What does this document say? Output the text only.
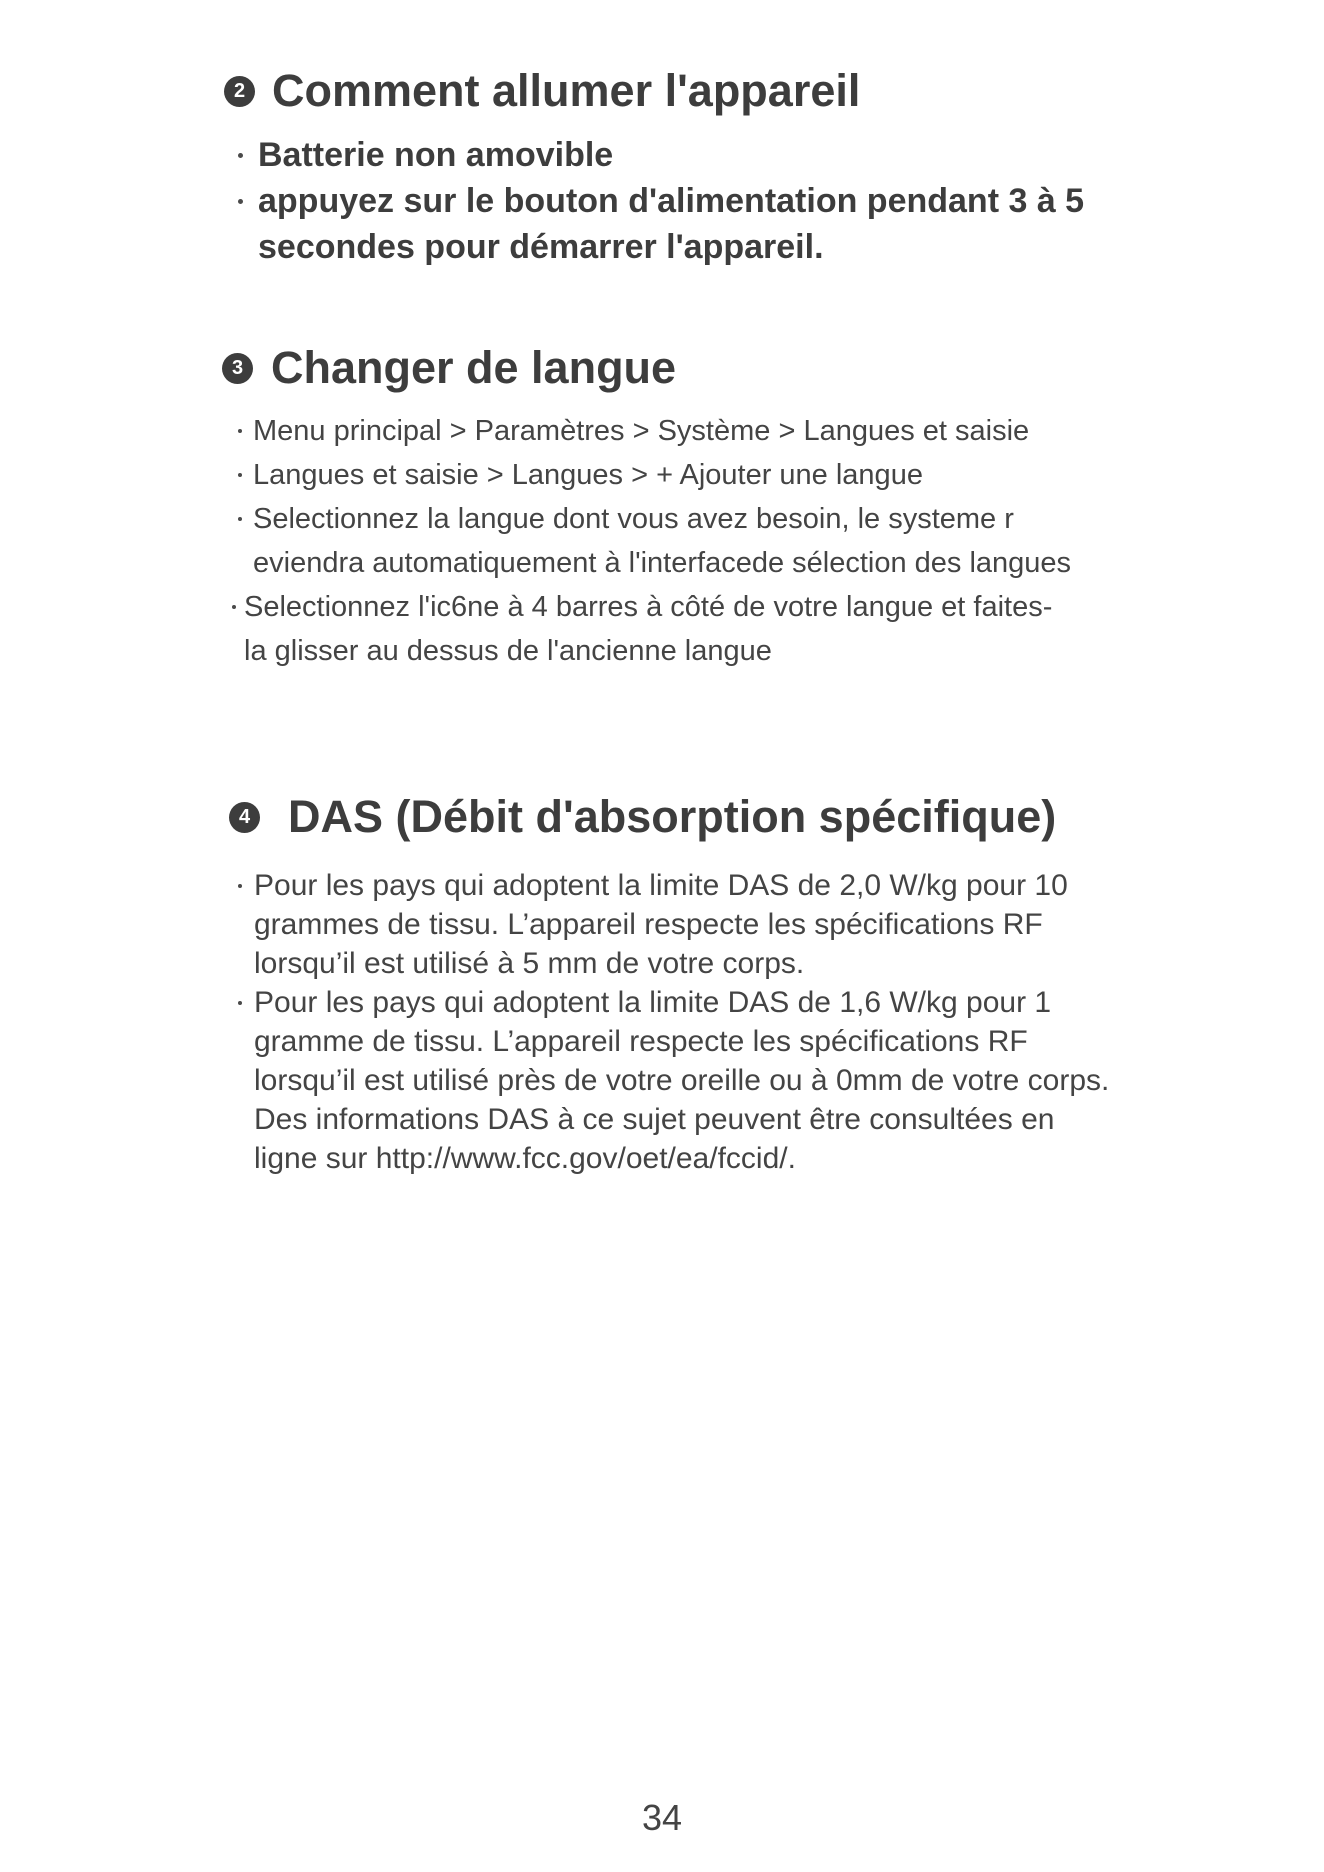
2 Comment allumer l'appareil
Batterie non amovible
appuyez sur le bouton d'alimentation pendant 3 à 5 secondes pour démarrer l'appareil.
3 Changer de langue
Menu principal > Paramètres > Système > Langues et saisie
Langues et saisie > Langues > + Ajouter une langue
Selectionnez la langue dont vous avez besoin, le systeme r eviendra automatiquement à l'interfacede sélection des langues
Selectionnez l'ic6ne à 4 barres à côté de votre langue et faites-la glisser au dessus de l'ancienne langue
4 DAS (Débit d'absorption spécifique)
Pour les pays qui adoptent la limite DAS de 2,0 W/kg pour 10 grammes de tissu. L’appareil respecte les spécifications RF lorsqu’il est utilisé à 5 mm de votre corps.
Pour les pays qui adoptent la limite DAS de 1,6 W/kg pour 1 gramme de tissu. L’appareil respecte les spécifications RF lorsqu’il est utilisé près de votre oreille ou à 0mm de votre corps. Des informations DAS à ce sujet peuvent être consultées en ligne sur http://www.fcc.gov/oet/ea/fccid/.
34
